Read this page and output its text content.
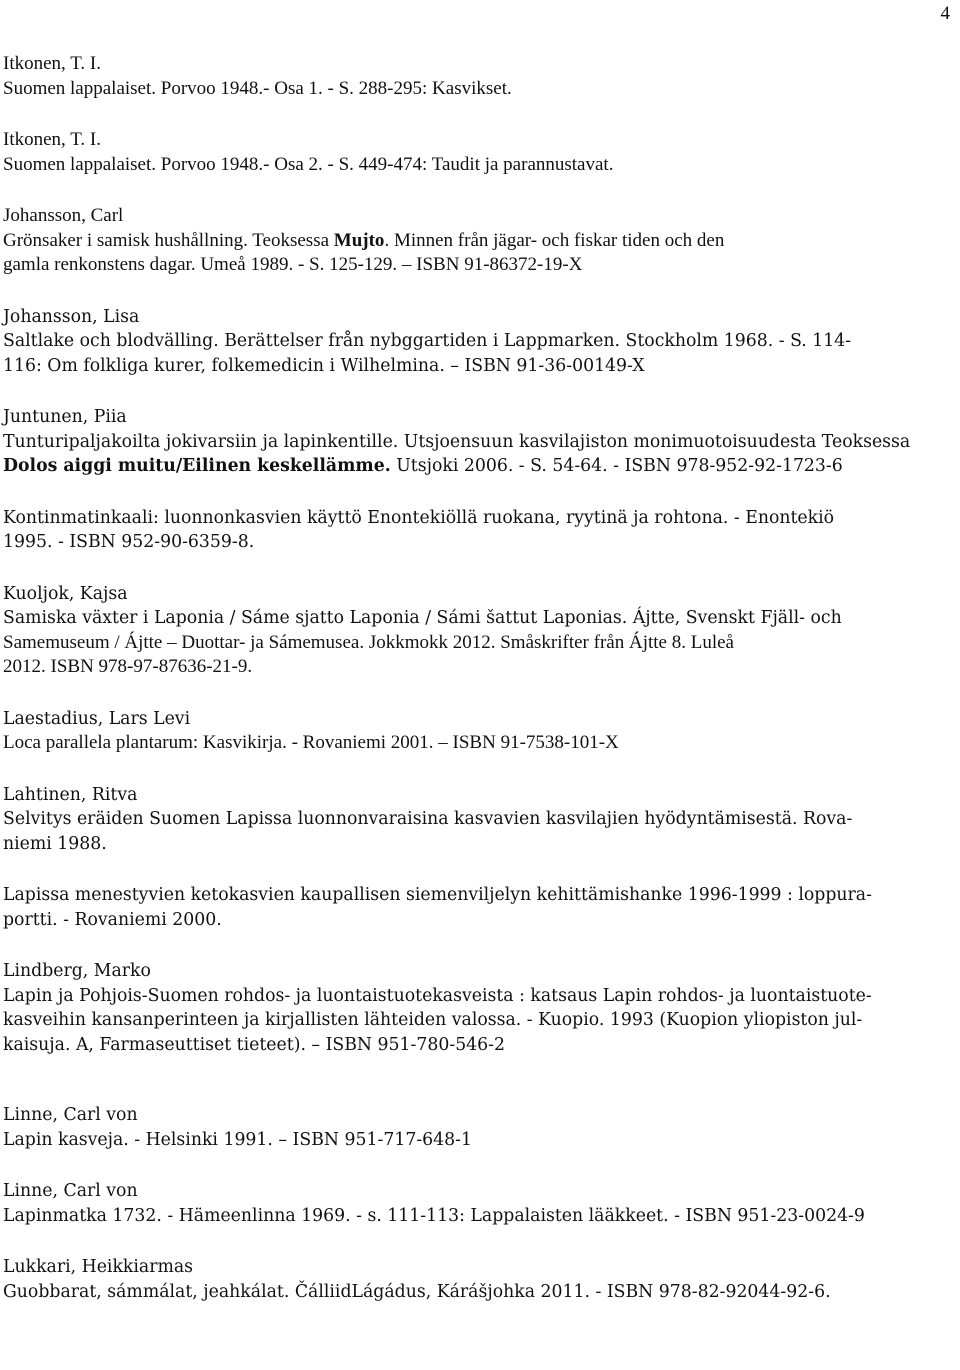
4
Itkonen, T. I.
Suomen lappalaiset. Porvoo 1948.- Osa 1. - S. 288-295: Kasvikset.
Itkonen, T. I.
Suomen lappalaiset. Porvoo 1948.- Osa 2. - S. 449-474: Taudit ja parannustavat.
Johansson, Carl
Grönsaker i samisk hushållning. Teoksessa Mujto. Minnen från jägar- och fiskar tiden och den
gamla renkonstens dagar. Umeå 1989. - S. 125-129. – ISBN 91-86372-19-X
Johansson, Lisa
Saltlake och blodvälling. Berättelser från nybggartiden i Lappmarken. Stockholm 1968. - S. 114-
116: Om folkliga kurer, folkemedicin i Wilhelmina. – ISBN 91-36-00149-X
Juntunen, Piia
Tunturipaljakoilta jokivarsiin ja lapinkentille. Utsjoensuun kasvilajiston monimuotoisuudesta Teoksessa
Dolos aiggi muitu/Eilinen keskellämme. Utsjoki 2006. - S. 54-64. - ISBN 978-952-92-1723-6
Kontinmatinkaali: luonnonkasvien käyttö Enontekiöllä ruokana, ryytinä ja rohtona. - Enontekiö
1995. - ISBN 952-90-6359-8.
Kuoljok, Kajsa
Samiska växter i Laponia / Sáme sjatto Laponia / Sámi šattut Laponias. Ájtte, Svenskt Fjäll- och
Samemuseum / Ájtte – Duottar- ja Sámemusea. Jokkmokk 2012. Småskrifter från Ájtte 8. Luleå
2012. ISBN 978-97-87636-21-9.
Laestadius, Lars Levi
Loca parallela plantarum: Kasvikirja. - Rovaniemi 2001. – ISBN 91-7538-101-X
Lahtinen, Ritva
Selvitys eräiden Suomen Lapissa luonnonvaraisina kasvavien kasvilajien hyödyntämisestä. Rova-
niemi 1988.
Lapissa menestyvien ketokasvien kaupallisen siemenviljelyn kehittämishanke 1996-1999 : loppura-
portti. - Rovaniemi 2000.
Lindberg, Marko
Lapin ja Pohjois-Suomen rohdos- ja luontaistuotekasveista : katsaus Lapin rohdos- ja luontaistuote-
kasveihin kansanperinteen ja kirjallisten lähteiden valossa. - Kuopio. 1993 (Kuopion yliopiston jul-
kaisuja. A, Farmaseuttiset tieteet). – ISBN 951-780-546-2
Linne, Carl von
Lapin kasveja. - Helsinki 1991. – ISBN 951-717-648-1
Linne, Carl von
Lapinmatka 1732. - Hämeenlinna 1969. - s. 111-113: Lappalaisten lääkkeet. - ISBN 951-23-0024-9
Lukkari, Heikkiarmas
Guobbarat, sámmálat, jeahkálat. ČálliidLágádus, Kárášjohka 2011. - ISBN 978-82-92044-92-6.
